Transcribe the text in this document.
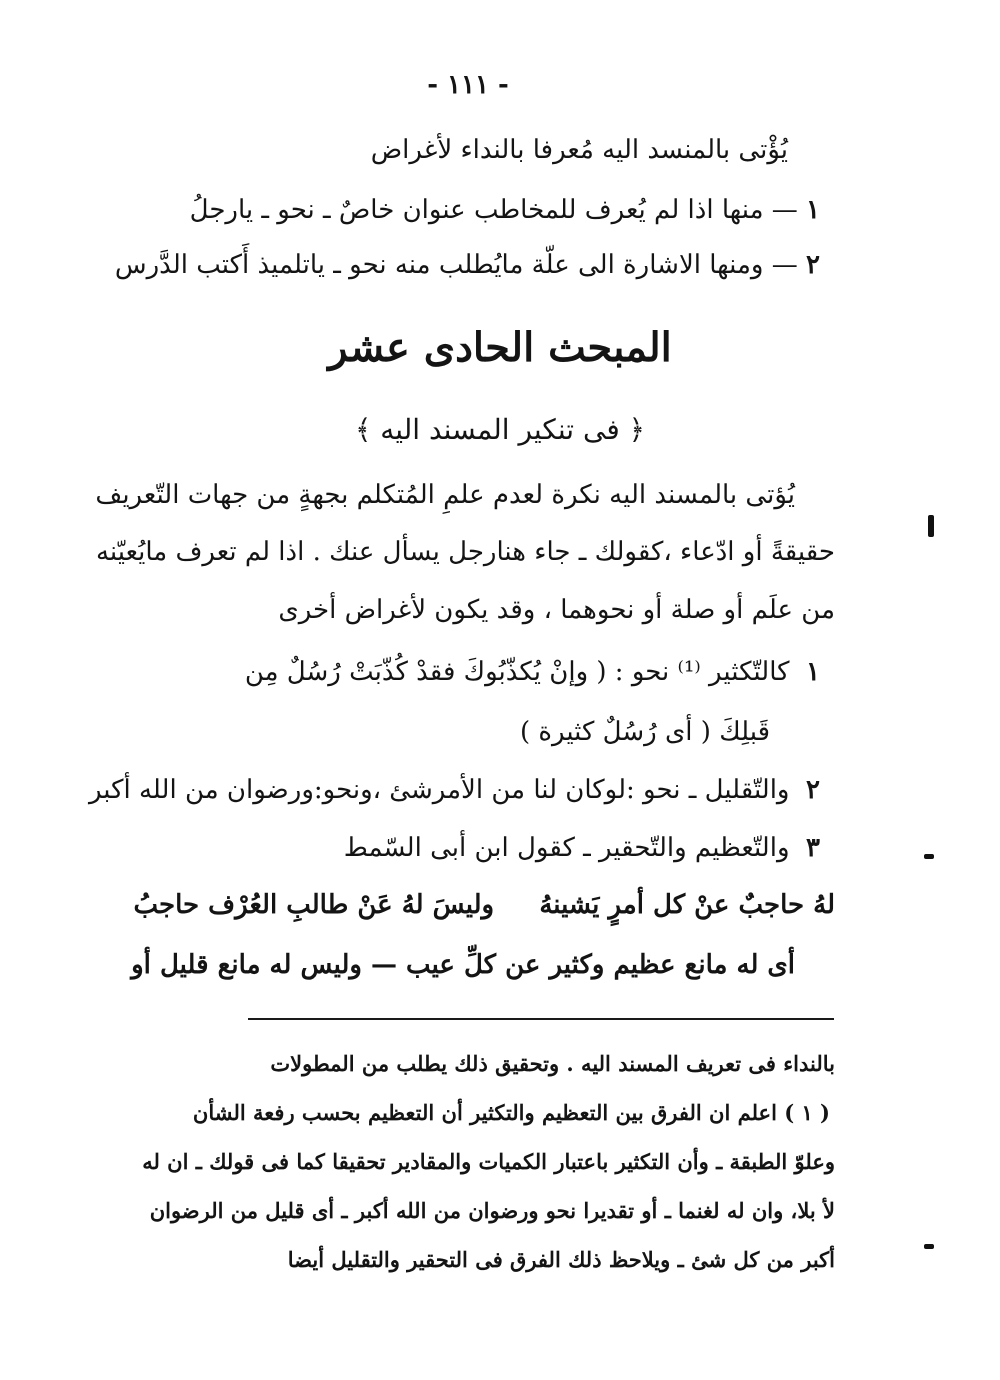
- ١١١ -
يُؤْتى بالمنسد اليه مُعرفا بالنداء لأغراض
١ — منها اذا لم يُعرف للمخاطب عنوان خاصٌ ـ نحو ـ يارجلُ
٢ — ومنها الاشارة الى علّة مايُطلب منه نحو ـ ياتلميذ أَكتب الدَّرس
المبحث الحادى عشر
﴿ فى تنكير المسند اليه ﴾
يُؤتى بالمسند اليه نكرة لعدم علمِ المُتكلم بجهةٍ من جهات التّعريف
حقيقةً أو ادّعاء ،كقولك ـ جاء هنارجل يسأل عنك . اذا لم تعرف مايُعيّنه
من علَم أو صلة أو نحوهما ، وقد يكون لأغراض أخرى
١  كالتّكثير ⁽¹⁾ نحو : ( وإنْ يُكذّبُوكَ فقدْ كُذّبَتْ رُسُلٌ مِن
قَبلِكَ ( أى رُسُلٌ كثيرة )
٢  والتّقليل ـ نحو :لوكان لنا من الأمرشئ ،ونحو:ورضوان من الله أكبر
٣  والتّعظيم والتّحقير ـ كقول ابن أبى السّمط
لهُ حاجبٌ عنْ كل أمرٍ يَشينهُ     وليسَ لهُ عَنْ طالبِ العُرْف حاجبُ
أى له مانع عظيم وكثير عن كلِّ عيب — وليس له مانع قليل أو
بالنداء فى تعريف المسند اليه . وتحقيق ذلك يطلب من المطولات
( ١ ) اعلم ان الفرق بين التعظيم والتكثير أن التعظيم بحسب رفعة الشأن
وعلوّ الطبقة ـ وأن التكثير باعتبار الكميات والمقادير تحقيقا كما فى قولك ـ ان له
لأ بلا، وان له لغنما ـ أو تقديرا نحو ورضوان من الله أكبر ـ أى قليل من الرضوان
أكبر من كل شئ ـ ويلاحظ ذلك الفرق فى التحقير والتقليل أيضا
